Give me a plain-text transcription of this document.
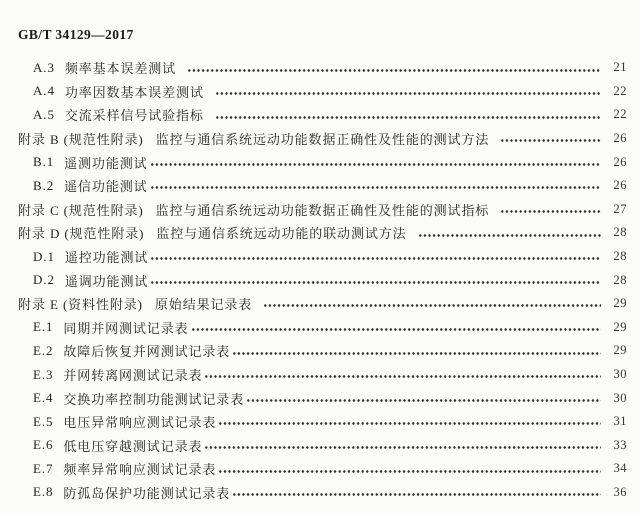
GB/T 34129—2017
A.3 频率基本误差测试	21
A.4 功率因数基本误差测试	22
A.5 交流采样信号试验指标	22
附录 B (规范性附录) 监控与通信系统远动功能数据正确性及性能的测试方法	26
B.1 遥测功能测试	26
B.2 遥信功能测试	26
附录 C (规范性附录) 监控与通信系统远动功能数据正确性及性能的测试指标	27
附录 D (规范性附录) 监控与通信系统远动功能的联动测试方法	28
D.1 遥控功能测试	28
D.2 遥调功能测试	28
附录 E (资料性附录) 原始结果记录表	29
E.1 同期并网测试记录表	29
E.2 故障后恢复并网测试记录表	29
E.3 并网转离网测试记录表	30
E.4 交换功率控制功能测试记录表	30
E.5 电压异常响应测试记录表	31
E.6 低电压穿越测试记录表	33
E.7 频率异常响应测试记录表	34
E.8 防孤岛保护功能测试记录表	36
